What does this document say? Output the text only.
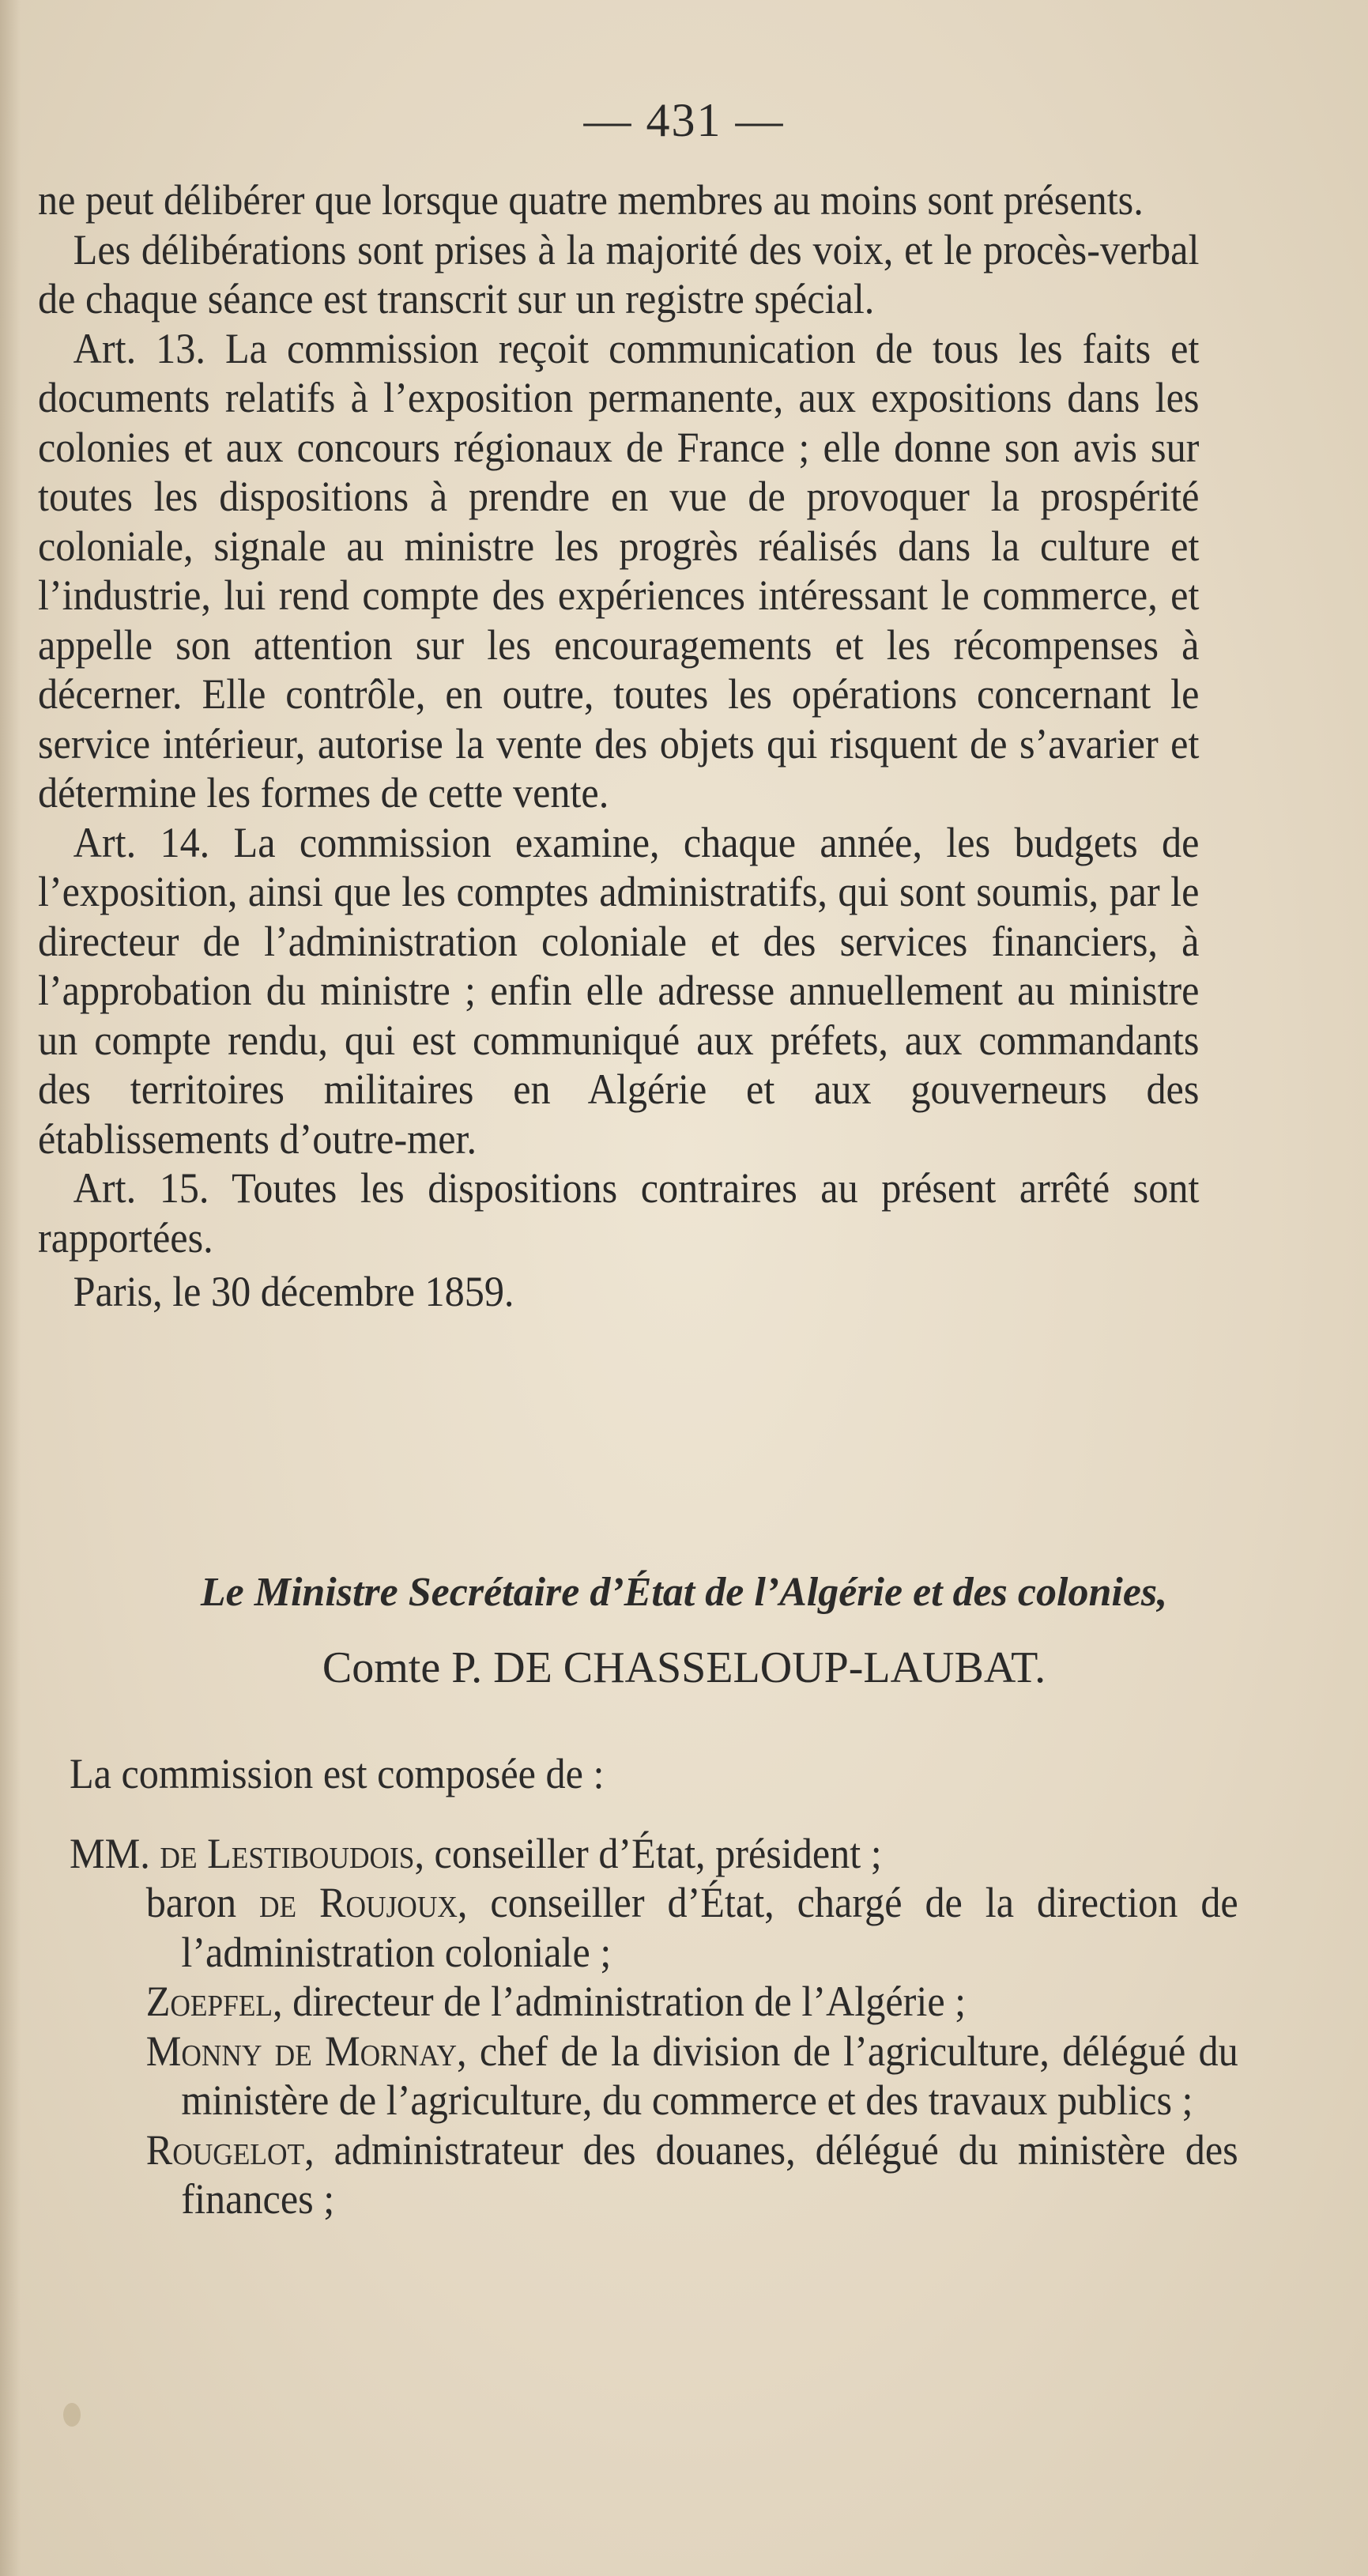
— 431 —

ne peut délibérer que lorsque quatre membres au moins sont présents.

Les délibérations sont prises à la majorité des voix, et le procès-verbal de chaque séance est transcrit sur un registre spécial.

Art. 13. La commission reçoit communication de tous les faits et documents relatifs à l’exposition permanente, aux expositions dans les colonies et aux concours régionaux de France ; elle donne son avis sur toutes les dispositions à prendre en vue de provoquer la prospérité coloniale, signale au ministre les progrès réalisés dans la culture et l’industrie, lui rend compte des expériences intéressant le commerce, et appelle son attention sur les encouragements et les récompenses à décerner. Elle contrôle, en outre, toutes les opérations concernant le service intérieur, autorise la vente des objets qui risquent de s’avarier et détermine les formes de cette vente.

Art. 14. La commission examine, chaque année, les budgets de l’exposition, ainsi que les comptes administratifs, qui sont soumis, par le directeur de l’administration coloniale et des services financiers, à l’approbation du ministre ; enfin elle adresse annuellement au ministre un compte rendu, qui est communiqué aux préfets, aux commandants des territoires militaires en Algérie et aux gouverneurs des établissements d’outre-mer.

Art. 15. Toutes les dispositions contraires au présent arrêté sont rapportées.

Paris, le 30 décembre 1859.

Le Ministre Secrétaire d’État de l’Algérie et des colonies,
Comte P. DE CHASSELOUP-LAUBAT.

La commission est composée de :

MM. de Lestiboudois, conseiller d’État, président ;

baron de Roujoux, conseiller d’État, chargé de la direction de l’administration coloniale ;

Zoepfel, directeur de l’administration de l’Algérie ;

Monny de Mornay, chef de la division de l’agriculture, délégué du ministère de l’agriculture, du commerce et des travaux publics ;

Rougelot, administrateur des douanes, délégué du ministère des finances ;
